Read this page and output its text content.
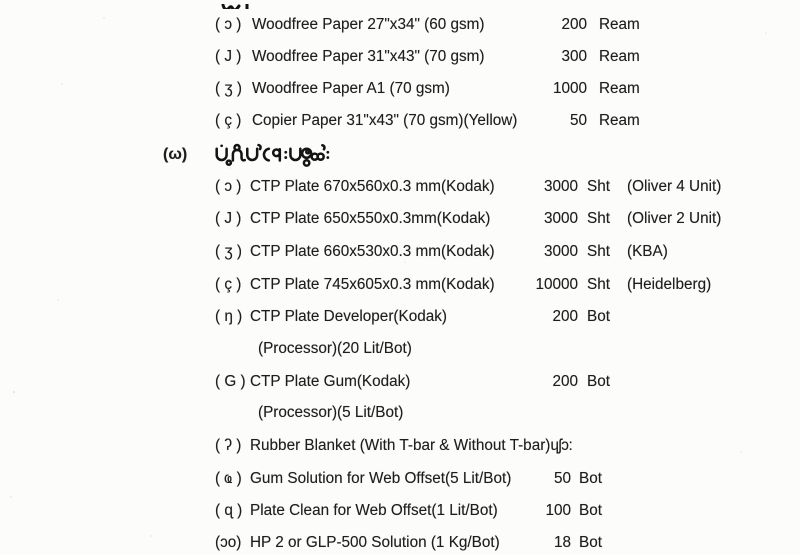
( ɔ ) Woodfree Paper 27"x34" (60 gsm)	200 Ream
( J ) Woodfree Paper 31"x43" (70 gsm)	300 Ream
( ʒ ) Woodfree Paper A1 (70 gsm)	1000 Ream
( ç ) Copier Paper 31"x43" (70 gsm)(Yellow)	50 Ream
(ω)
( ɔ ) CTP Plate 670x560x0.3 mm(Kodak)	3000 Sht (Oliver 4 Unit)
( J ) CTP Plate 650x550x0.3mm(Kodak)	3000 Sht (Oliver 2 Unit)
( ʒ ) CTP Plate 660x530x0.3 mm(Kodak)	3000 Sht (KBA)
( ç ) CTP Plate 745x605x0.3 mm(Kodak)	10000 Sht (Heidelberg)
( ŋ ) CTP Plate Developer(Kodak)	200 Bot
(Processor)(20 Lit/Bot)
( G ) CTP Plate Gum(Kodak)	200 Bot
(Processor)(5 Lit/Bot)
( ʔ ) Rubber Blanket (With T-bar & Without T-bar)ɥʃɔ:
( ҩ ) Gum Solution for Web Offset(5 Lit/Bot)	50 Bot
( ɋ ) Plate Clean for Web Offset(1 Lit/Bot)	100 Bot
(ɔo) HP 2 or GLP-500 Solution (1 Kg/Bot)	18 Bot
